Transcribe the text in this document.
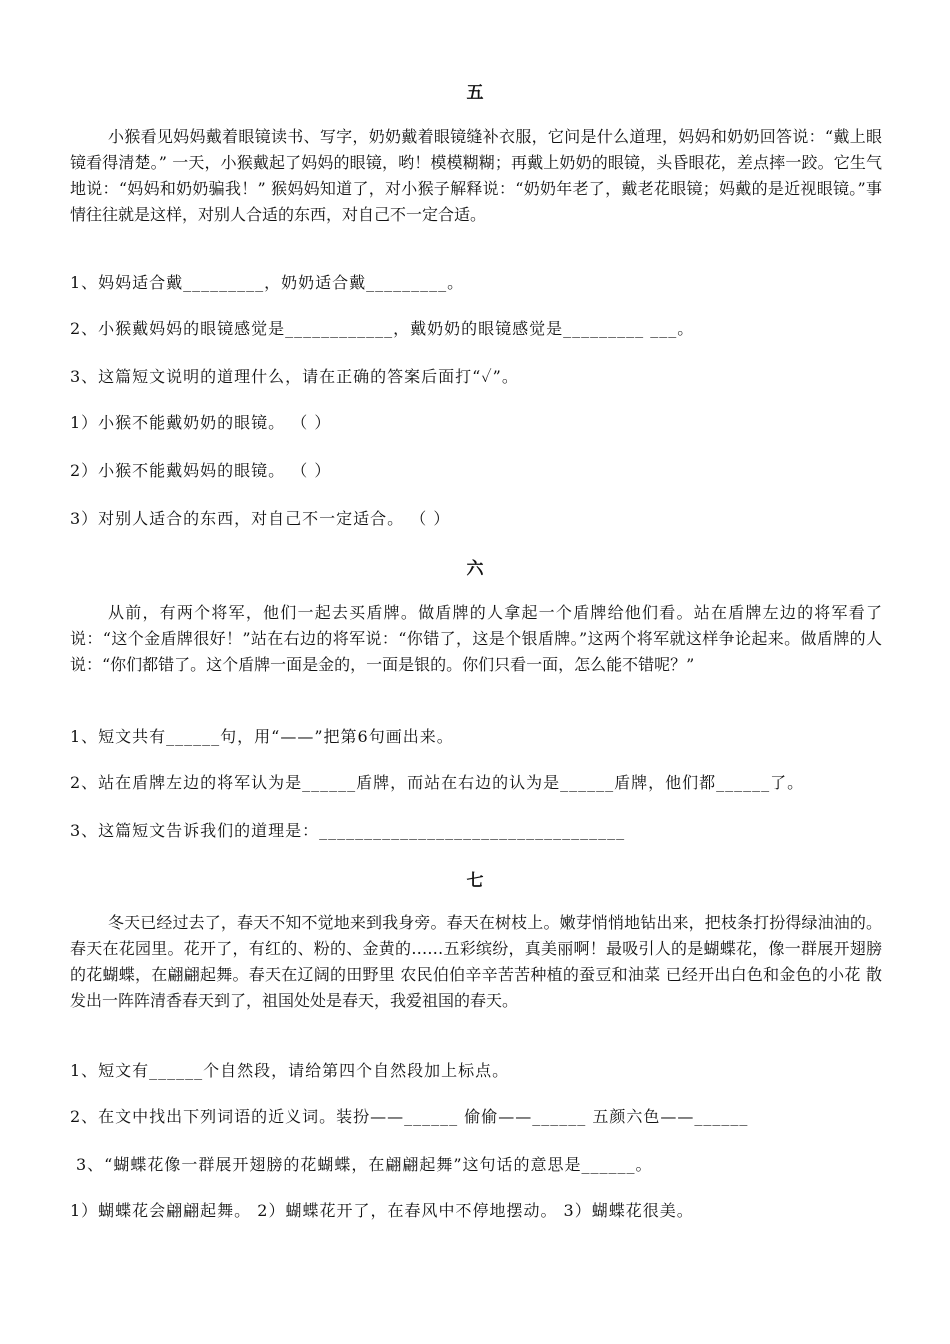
五

小猴看见妈妈戴着眼镜读书、写字，奶奶戴着眼镜缝补衣服，它问是什么道理，妈妈和奶奶回答说：“戴上眼镜看得清楚。” 一天，小猴戴起了妈妈的眼镜，哟！模模糊糊；再戴上奶奶的眼镜，头昏眼花，差点摔一跤。它生气地说：“妈妈和奶奶骗我！” 猴妈妈知道了，对小猴子解释说：“奶奶年老了，戴老花眼镜；妈戴的是近视眼镜。”事情往往就是这样，对别人合适的东西，对自己不一定合适。

1、妈妈适合戴_________，奶奶适合戴_________。

2、小猴戴妈妈的眼镜感觉是____________，戴奶奶的眼镜感觉是_________ ___。

3、这篇短文说明的道理什么，请在正确的答案后面打“✓”。

1）小猴不能戴奶奶的眼镜。 （ ）

2）小猴不能戴妈妈的眼镜。 （ ）

3）对别人适合的东西，对自己不一定适合。 （ ）

六

从前，有两个将军，他们一起去买盾牌。做盾牌的人拿起一个盾牌给他们看。站在盾牌左边的将军看了说：“这个金盾牌很好！”站在右边的将军说：“你错了，这是个银盾牌。”这两个将军就这样争论起来。做盾牌的人说：“你们都错了。这个盾牌一面是金的，一面是银的。你们只看一面，怎么能不错呢？”

1、短文共有______句，用“——”把第6句画出来。

2、站在盾牌左边的将军认为是______盾牌，而站在右边的认为是______盾牌，他们都______了。

3、这篇短文告诉我们的道理是：__________________________________

七

冬天已经过去了，春天不知不觉地来到我身旁。春天在树枝上。嫩芽悄悄地钻出来，把枝条打扮得绿油油的。春天在花园里。花开了，有红的、粉的、金黄的……五彩缤纷，真美丽啊！最吸引人的是蝴蝶花，像一群展开翅膀的花蝴蝶，在翩翩起舞。春天在辽阔的田野里 农民伯伯辛辛苦苦种植的蚕豆和油菜 已经开出白色和金色的小花 散发出一阵阵清香春天到了，祖国处处是春天，我爱祖国的春天。

1、短文有______个自然段，请给第四个自然段加上标点。

2、在文中找出下列词语的近义词。装扮——______ 偷偷——______ 五颜六色——______

3、“蝴蝶花像一群展开翅膀的花蝴蝶，在翩翩起舞”这句话的意思是______。

1）蝴蝶花会翩翩起舞。 2）蝴蝶花开了，在春风中不停地摆动。 3）蝴蝶花很美。
